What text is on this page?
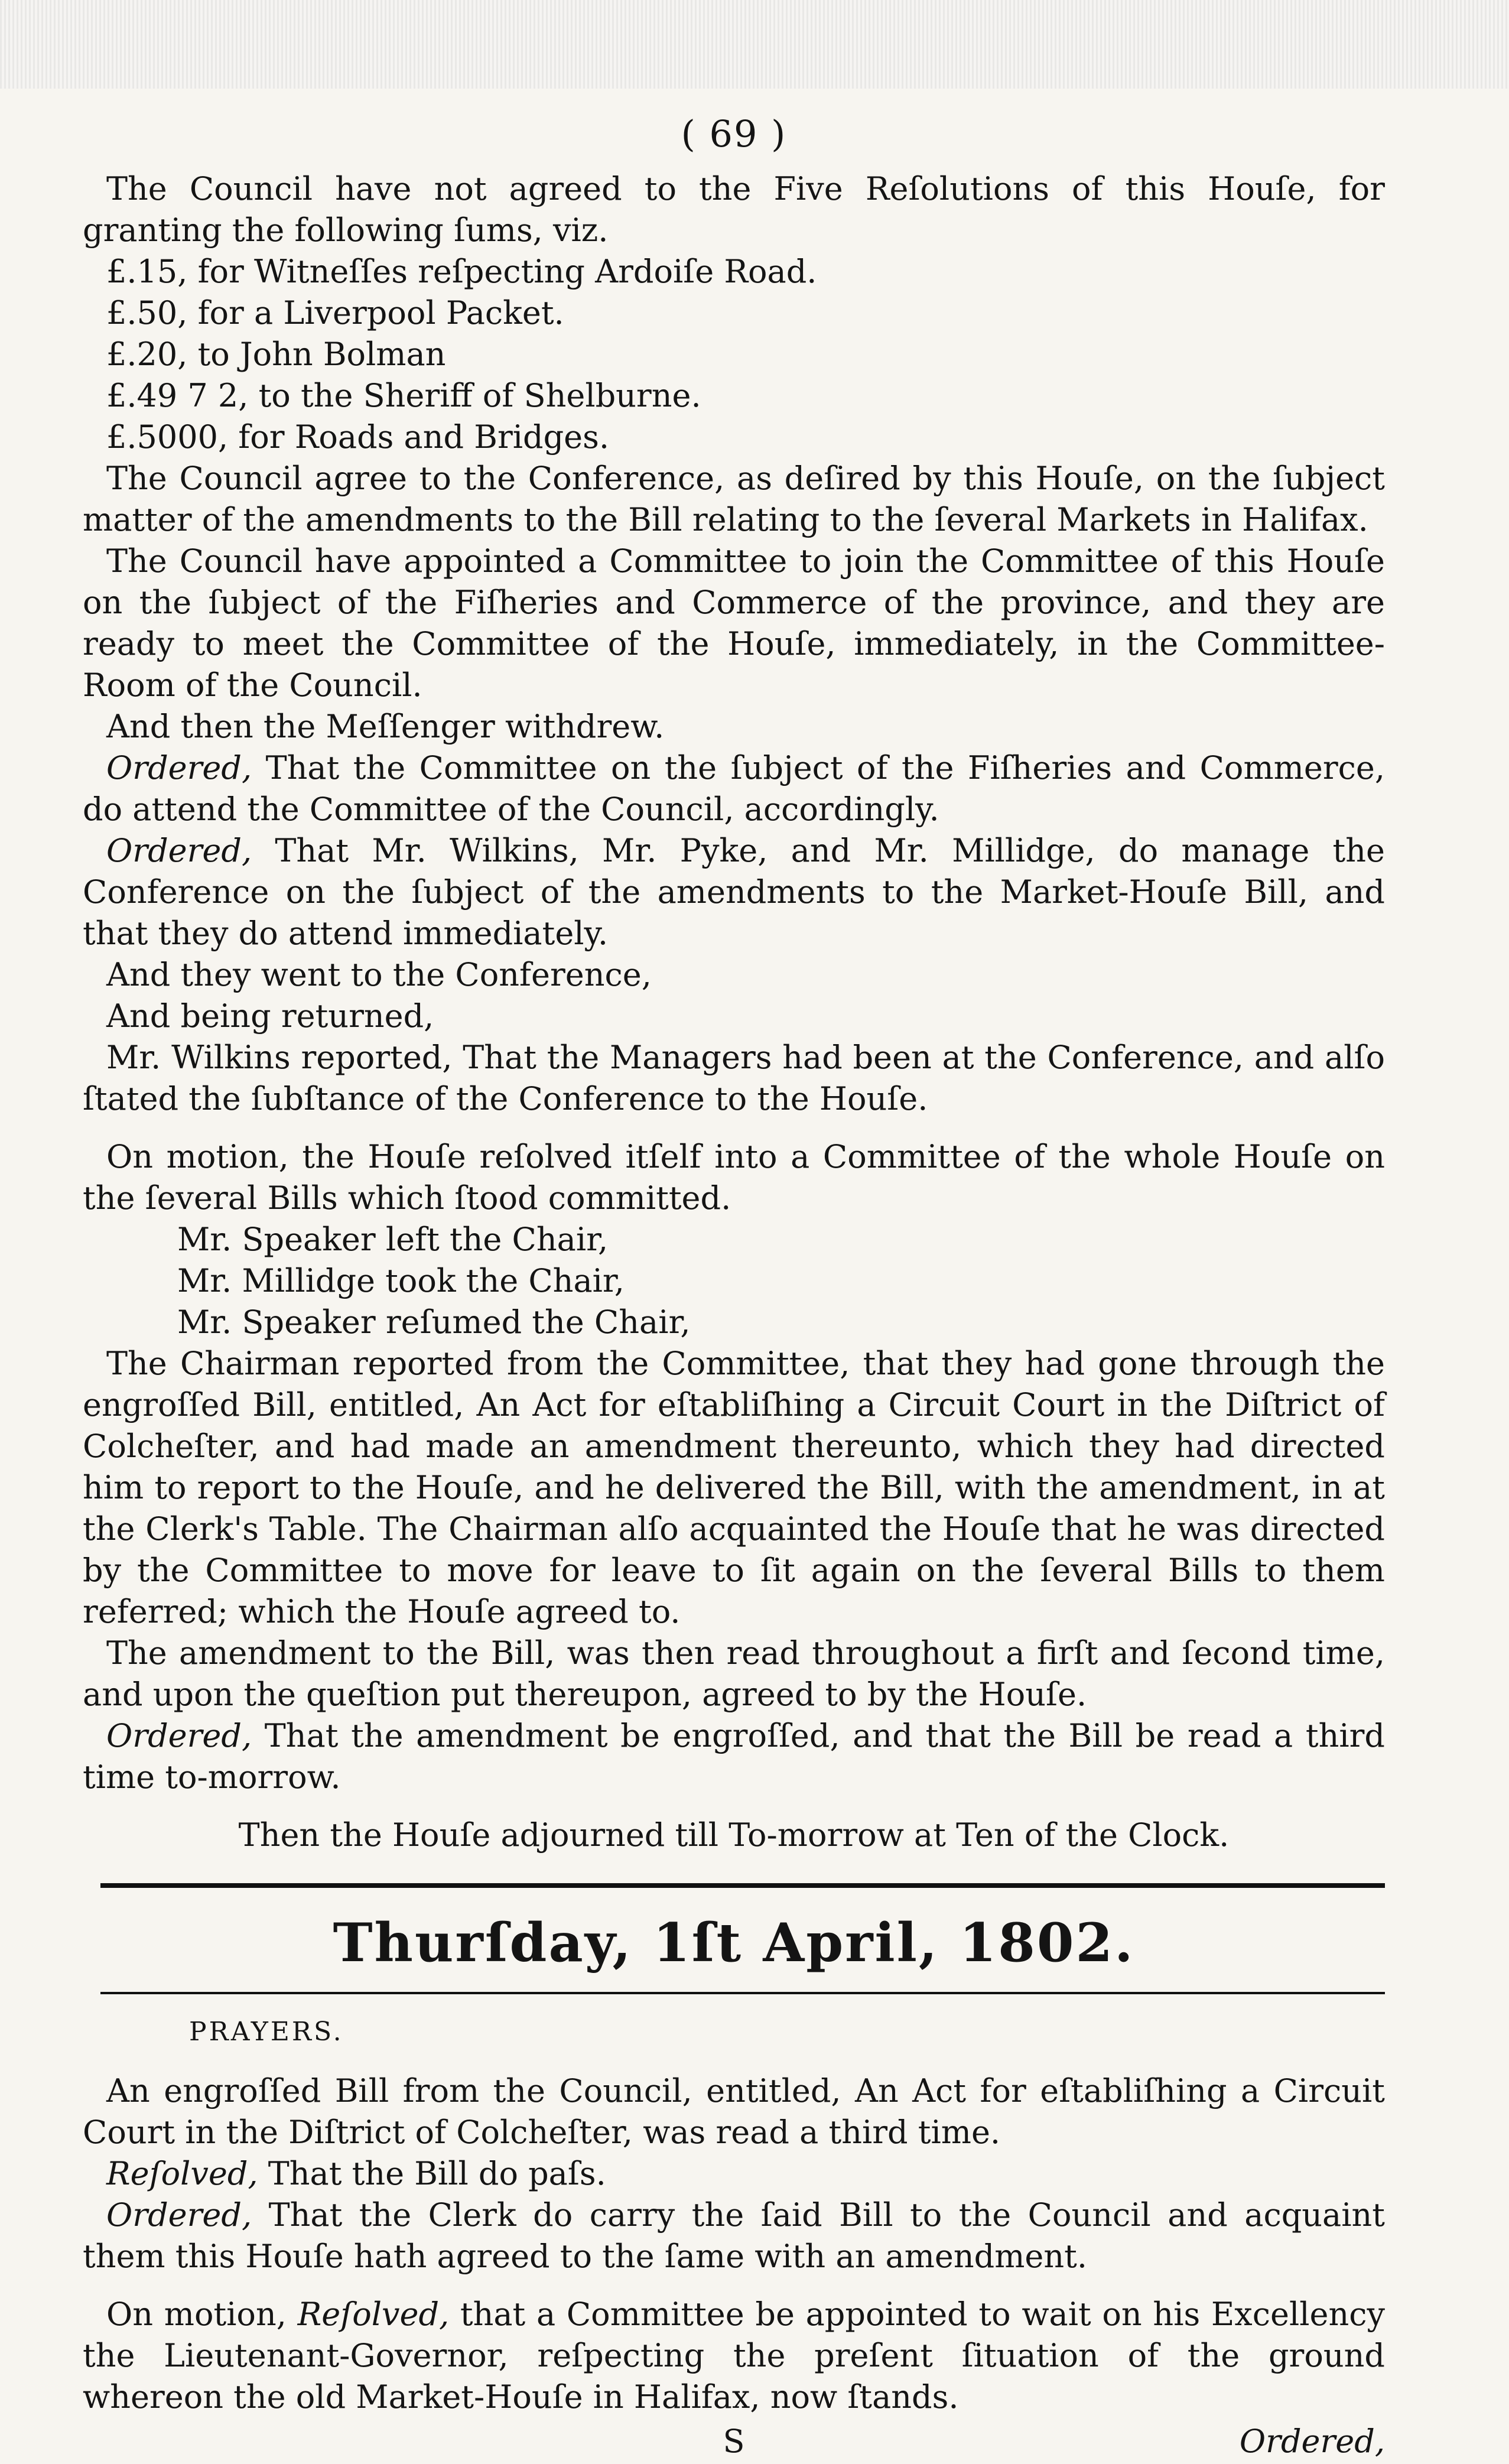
( 69 )

The Council have not agreed to the Five Reſolutions of this Houſe, for granting the following ſums, viz.

£.15, for Witneſſes reſpecting Ardoiſe Road.

£.50, for a Liverpool Packet.

£.20, to John Bolman

£.49 7 2, to the Sheriff of Shelburne.

£.5000, for Roads and Bridges.

The Council agree to the Conference, as deſired by this Houſe, on the ſubject matter of the amendments to the Bill relating to the ſeveral Markets in Halifax.

The Council have appointed a Committee to join the Committee of this Houſe on the ſubject of the Fiſheries and Commerce of the province, and they are ready to meet the Committee of the Houſe, immediately, in the Committee-Room of the Council.

And then the Meſſenger withdrew.

Ordered, That the Committee on the ſubject of the Fiſheries and Commerce, do attend the Committee of the Council, accordingly.

Ordered, That Mr. Wilkins, Mr. Pyke, and Mr. Millidge, do manage the Conference on the ſubject of the amendments to the Market-Houſe Bill, and that they do attend immediately.

And they went to the Conference,

And being returned,

Mr. Wilkins reported, That the Managers had been at the Conference, and alſo ſtated the ſubſtance of the Conference to the Houſe.

On motion, the Houſe reſolved itſelf into a Committee of the whole Houſe on the ſeveral Bills which ſtood committed.

Mr. Speaker left the Chair,

Mr. Millidge took the Chair,

Mr. Speaker reſumed the Chair,

The Chairman reported from the Committee, that they had gone through the engroſſed Bill, entitled, An Act for eſtabliſhing a Circuit Court in the Diſtrict of Colcheſter, and had made an amendment thereunto, which they had directed him to report to the Houſe, and he delivered the Bill, with the amendment, in at the Clerk's Table. The Chairman alſo acquainted the Houſe that he was directed by the Committee to move for leave to ſit again on the ſeveral Bills to them referred; which the Houſe agreed to.

The amendment to the Bill, was then read throughout a firſt and ſecond time, and upon the queſtion put thereupon, agreed to by the Houſe.

Ordered, That the amendment be engroſſed, and that the Bill be read a third time to-morrow.

Then the Houſe adjourned till To-morrow at Ten of the Clock.

Thurſday, 1ſt April, 1802.
PRAYERS.

An engroſſed Bill from the Council, entitled, An Act for eſtabliſhing a Circuit Court in the Diſtrict of Colcheſter, was read a third time.

Reſolved, That the Bill do paſs.

Ordered, That the Clerk do carry the ſaid Bill to the Council and acquaint them this Houſe hath agreed to the ſame with an amendment.

On motion, Reſolved, that a Committee be appointed to wait on his Excellency the Lieutenant-Governor, reſpecting the preſent ſituation of the ground whereon the old Market-Houſe in Halifax, now ſtands.

S	Ordered,
